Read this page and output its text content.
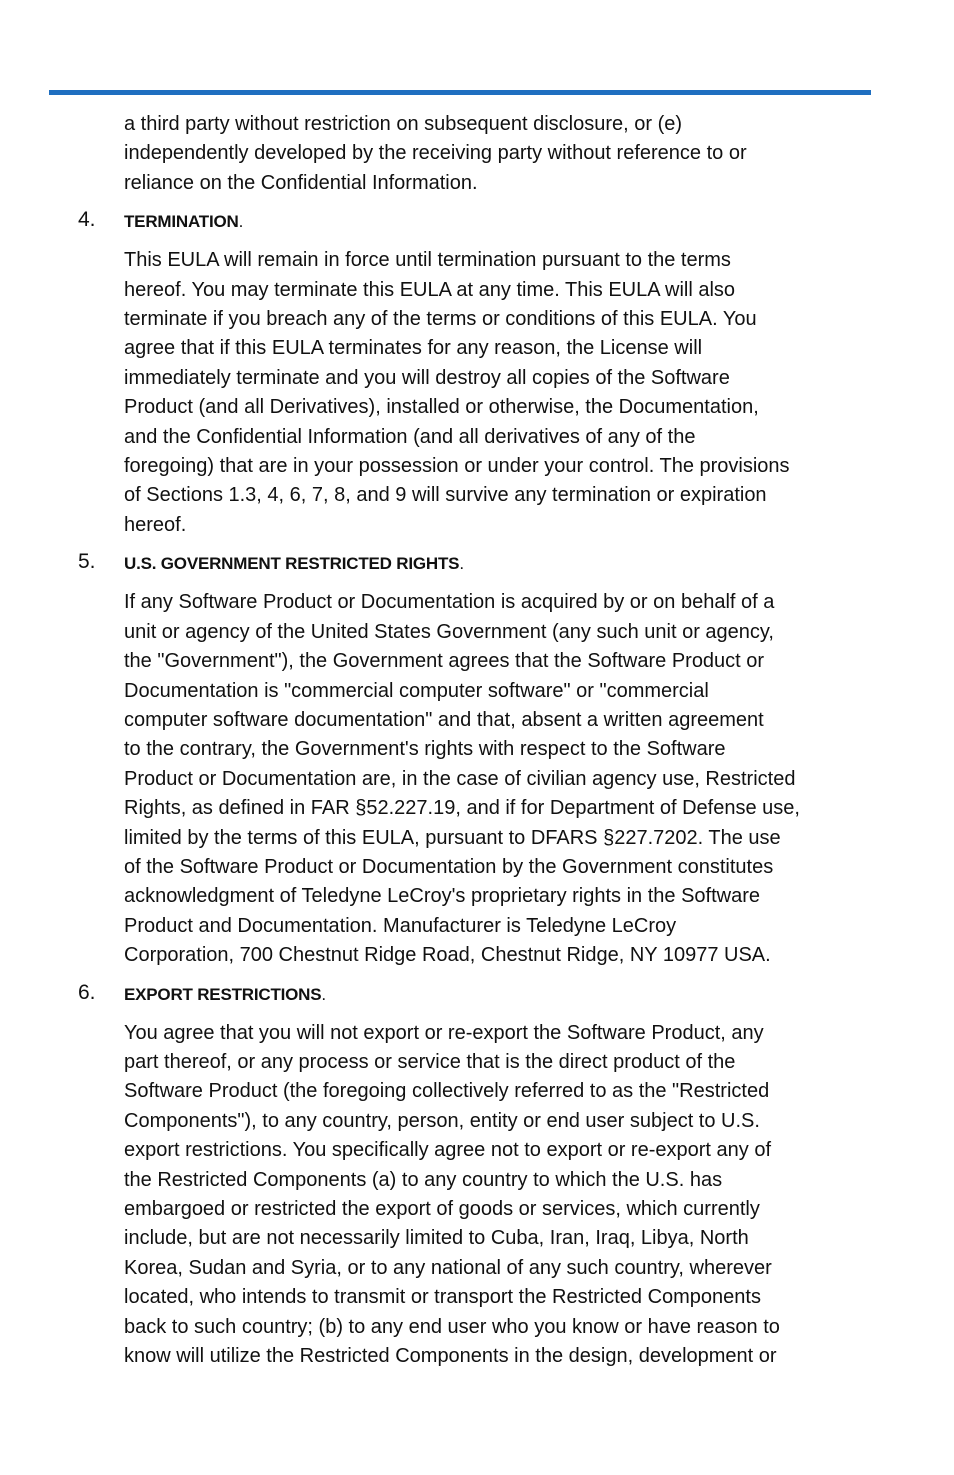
a third party without restriction on subsequent disclosure, or (e)
independently developed by the receiving party without reference to or
reliance on the Confidential Information.

4. TERMINATION.

This EULA will remain in force until termination pursuant to the terms
hereof. You may terminate this EULA at any time. This EULA will also
terminate if you breach any of the terms or conditions of this EULA. You
agree that if this EULA terminates for any reason, the License will
immediately terminate and you will destroy all copies of the Software
Product (and all Derivatives), installed or otherwise, the Documentation,
and the Confidential Information (and all derivatives of any of the
foregoing) that are in your possession or under your control. The provisions
of Sections 1.3, 4, 6, 7, 8, and 9 will survive any termination or expiration
hereof.

5. U.S. GOVERNMENT RESTRICTED RIGHTS.

If any Software Product or Documentation is acquired by or on behalf of a
unit or agency of the United States Government (any such unit or agency,
the "Government"), the Government agrees that the Software Product or
Documentation is "commercial computer software" or "commercial
computer software documentation" and that, absent a written agreement
to the contrary, the Government's rights with respect to the Software
Product or Documentation are, in the case of civilian agency use, Restricted
Rights, as defined in FAR §52.227.19, and if for Department of Defense use,
limited by the terms of this EULA, pursuant to DFARS §227.7202. The use
of the Software Product or Documentation by the Government constitutes
acknowledgment of Teledyne LeCroy's proprietary rights in the Software
Product and Documentation. Manufacturer is Teledyne LeCroy
Corporation, 700 Chestnut Ridge Road, Chestnut Ridge, NY 10977 USA.

6. EXPORT RESTRICTIONS.

You agree that you will not export or re-export the Software Product, any
part thereof, or any process or service that is the direct product of the
Software Product (the foregoing collectively referred to as the "Restricted
Components"), to any country, person, entity or end user subject to U.S.
export restrictions. You specifically agree not to export or re-export any of
the Restricted Components (a) to any country to which the U.S. has
embargoed or restricted the export of goods or services, which currently
include, but are not necessarily limited to Cuba, Iran, Iraq, Libya, North
Korea, Sudan and Syria, or to any national of any such country, wherever
located, who intends to transmit or transport the Restricted Components
back to such country; (b) to any end user who you know or have reason to
know will utilize the Restricted Components in the design, development or
